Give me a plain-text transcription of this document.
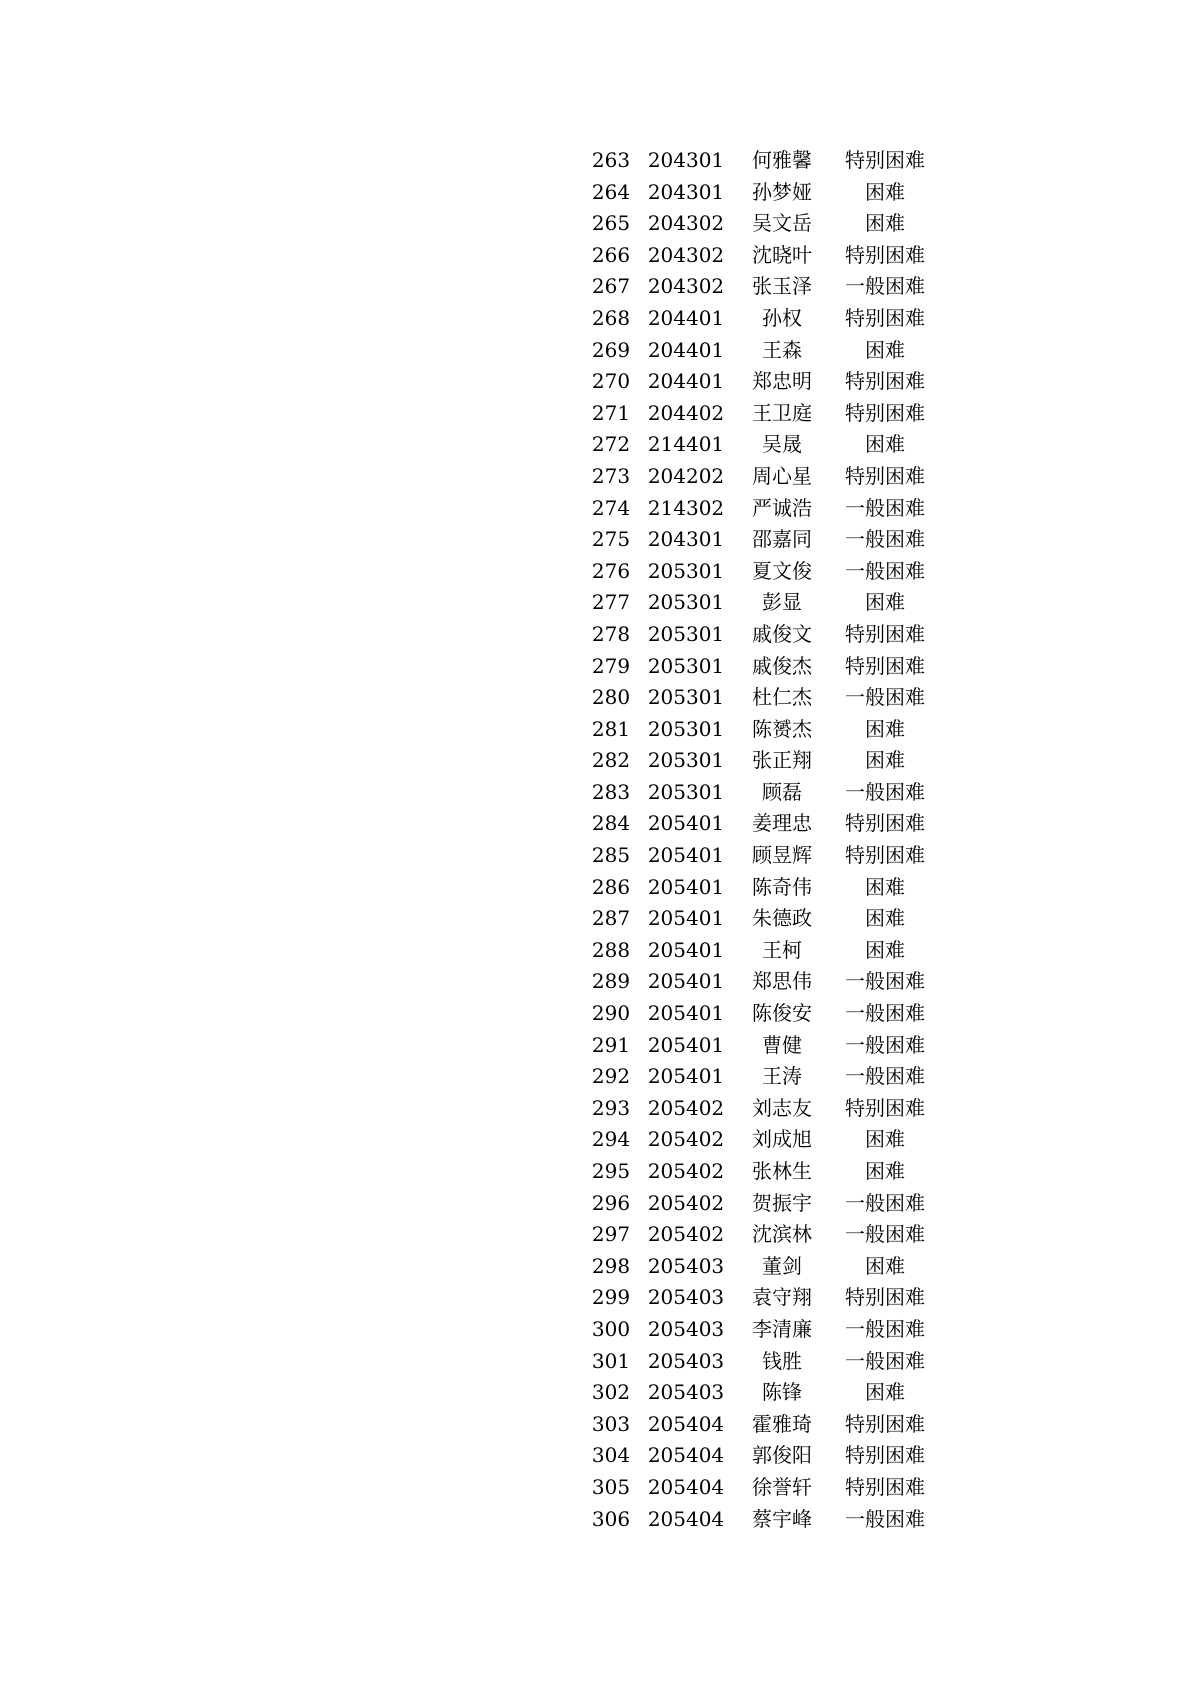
263	204301	何雅馨	特别困难
264	204301	孙梦娅	困难
265	204302	吴文岳	困难
266	204302	沈晓叶	特别困难
267	204302	张玉泽	一般困难
268	204401	孙权	特别困难
269	204401	王森	困难
270	204401	郑忠明	特别困难
271	204402	王卫庭	特别困难
272	214401	吴晟	困难
273	204202	周心星	特别困难
274	214302	严诚浩	一般困难
275	204301	邵嘉同	一般困难
276	205301	夏文俊	一般困难
277	205301	彭显	困难
278	205301	戚俊文	特别困难
279	205301	戚俊杰	特别困难
280	205301	杜仁杰	一般困难
281	205301	陈赟杰	困难
282	205301	张正翔	困难
283	205301	顾磊	一般困难
284	205401	姜理忠	特别困难
285	205401	顾昱辉	特别困难
286	205401	陈奇伟	困难
287	205401	朱德政	困难
288	205401	王柯	困难
289	205401	郑思伟	一般困难
290	205401	陈俊安	一般困难
291	205401	曹健	一般困难
292	205401	王涛	一般困难
293	205402	刘志友	特别困难
294	205402	刘成旭	困难
295	205402	张林生	困难
296	205402	贺振宇	一般困难
297	205402	沈滨林	一般困难
298	205403	董剑	困难
299	205403	袁守翔	特别困难
300	205403	李清廉	一般困难
301	205403	钱胜	一般困难
302	205403	陈锋	困难
303	205404	霍雅琦	特别困难
304	205404	郭俊阳	特别困难
305	205404	徐誉轩	特别困难
306	205404	蔡宇峰	一般困难
